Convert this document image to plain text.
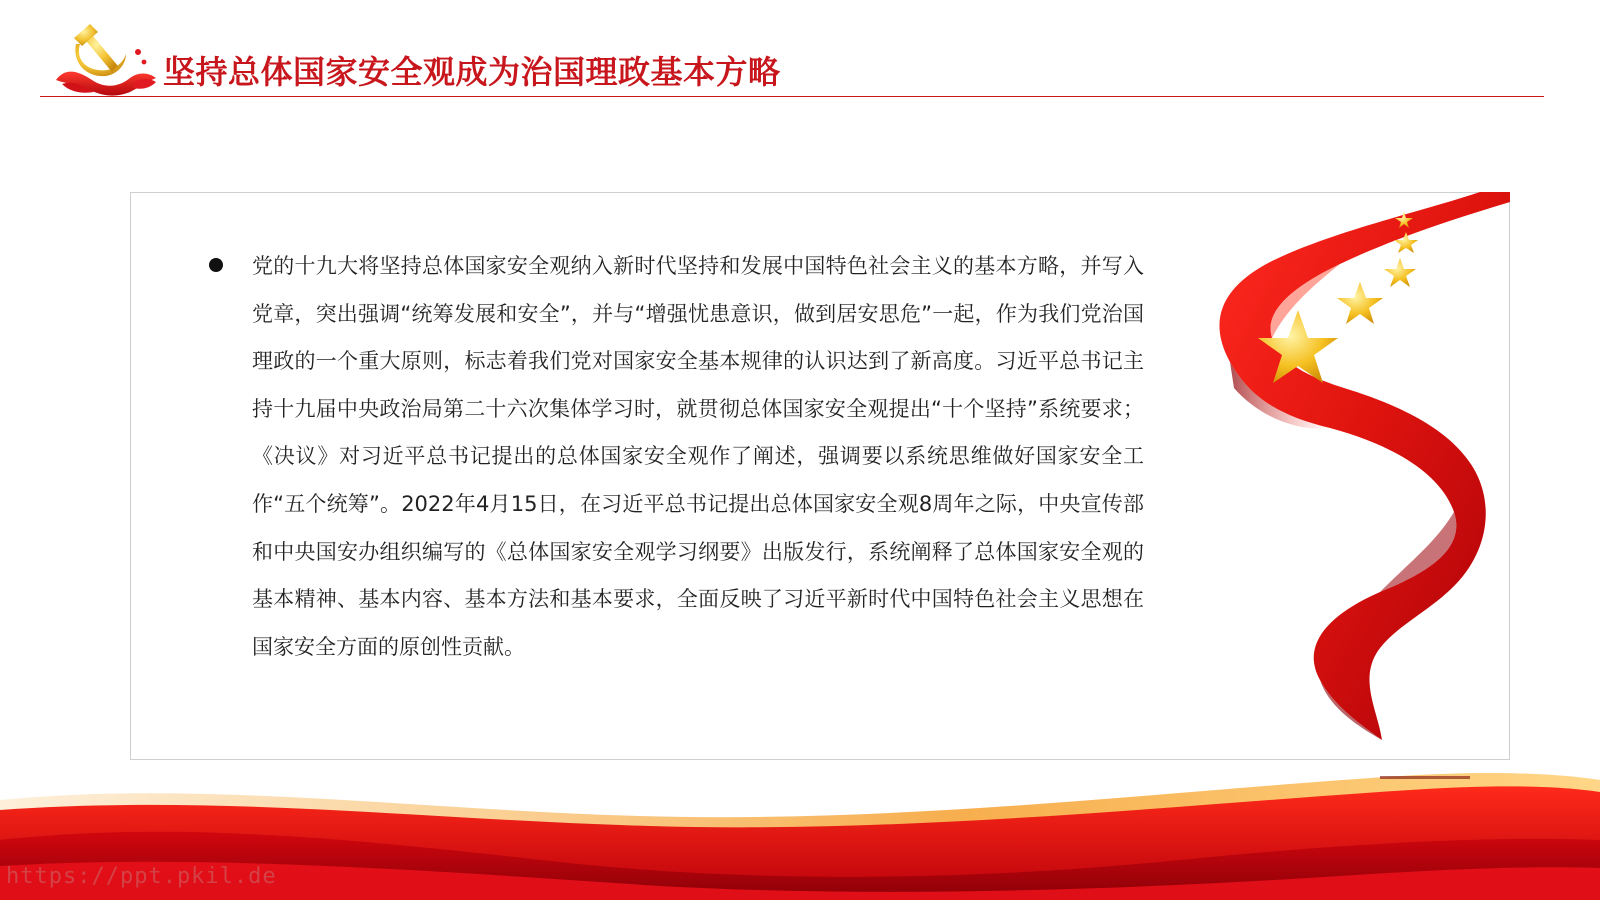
坚持总体国家安全观成为治国理政基本方略

党的十九大将坚持总体国家安全观纳入新时代坚持和发展中国特色社会主义的基本方略，并写入党章，突出强调“统筹发展和安全”，并与“增强忧患意识，做到居安思危”一起，作为我们党治国理政的一个重大原则，标志着我们党对国家安全基本规律的认识达到了新高度。习近平总书记主持十九届中央政治局第二十六次集体学习时，就贯彻总体国家安全观提出“十个坚持”系统要求；《决议》对习近平总书记提出的总体国家安全观作了阐述，强调要以系统思维做好国家安全工作“五个统筹”。2022年4月15日，在习近平总书记提出总体国家安全观8周年之际，中央宣传部和中央国安办组织编写的《总体国家安全观学习纲要》出版发行，系统阐释了总体国家安全观的基本精神、基本内容、基本方法和基本要求，全面反映了习近平新时代中国特色社会主义思想在国家安全方面的原创性贡献。

https://ppt.pkil.de
